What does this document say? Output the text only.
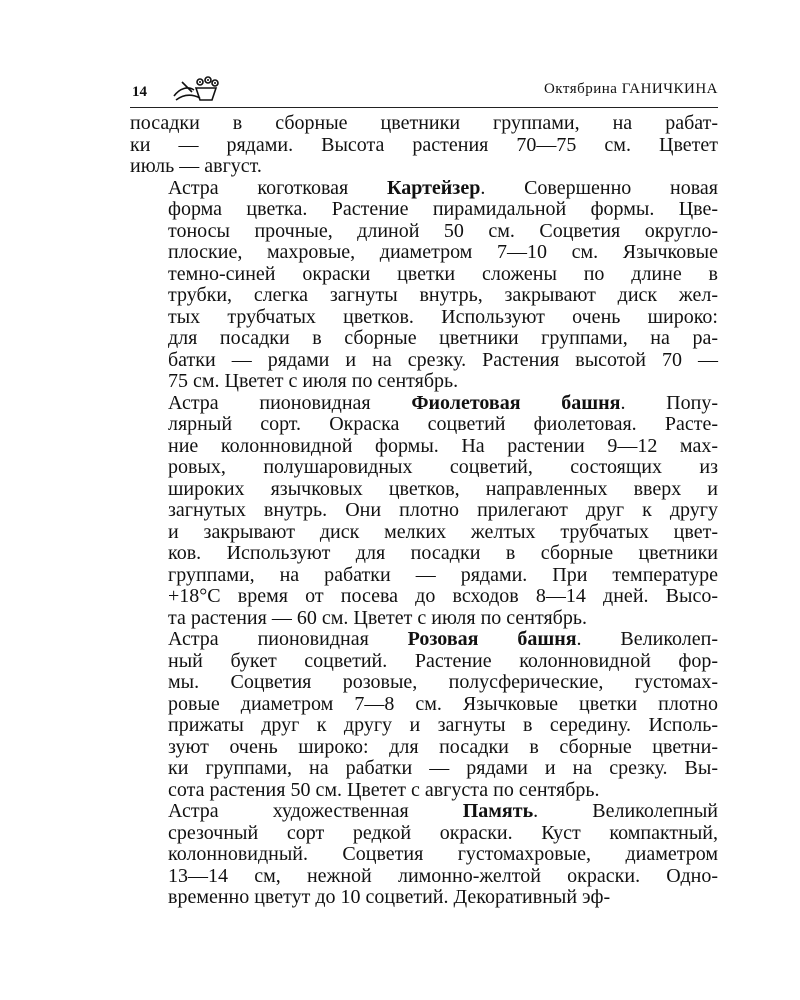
14	Октябрина ГАНИЧКИНА

посадки в сборные цветники группами, на рабат-
ки — рядами. Высота растения 70—75 см. Цветет
июль — август.

Астра коготковая Картейзер. Совершенно новая
форма цветка. Растение пирамидальной формы. Цве-
тоносы прочные, длиной 50 см. Соцветия округло-
плоские, махровые, диаметром 7—10 см. Язычковые
темно-синей окраски цветки сложены по длине в
трубки, слегка загнуты внутрь, закрывают диск жел-
тых трубчатых цветков. Используют очень широко:
для посадки в сборные цветники группами, на ра-
батки — рядами и на срезку. Растения высотой 70 —
75 см. Цветет с июля по сентябрь.

Астра пионовидная Фиолетовая башня. Попу-
лярный сорт. Окраска соцветий фиолетовая. Расте-
ние колонновидной формы. На растении 9—12 мах-
ровых, полушаровидных соцветий, состоящих из
широких язычковых цветков, направленных вверх и
загнутых внутрь. Они плотно прилегают друг к другу
и закрывают диск мелких желтых трубчатых цвет-
ков. Используют для посадки в сборные цветники
группами, на рабатки — рядами. При температуре
+18°С время от посева до всходов 8—14 дней. Высо-
та растения — 60 см. Цветет с июля по сентябрь.

Астра пионовидная Розовая башня. Великолеп-
ный букет соцветий. Растение колонновидной фор-
мы. Соцветия розовые, полусферические, густомах-
ровые диаметром 7—8 см. Язычковые цветки плотно
прижаты друг к другу и загнуты в середину. Исполь-
зуют очень широко: для посадки в сборные цветни-
ки группами, на рабатки — рядами и на срезку. Вы-
сота растения 50 см. Цветет с августа по сентябрь.

Астра художественная Память. Великолепный
срезочный сорт редкой окраски. Куст компактный,
колонновидный. Соцветия густомахровые, диаметром
13—14 см, нежной лимонно-желтой окраски. Одно-
временно цветут до 10 соцветий. Декоративный эф-
